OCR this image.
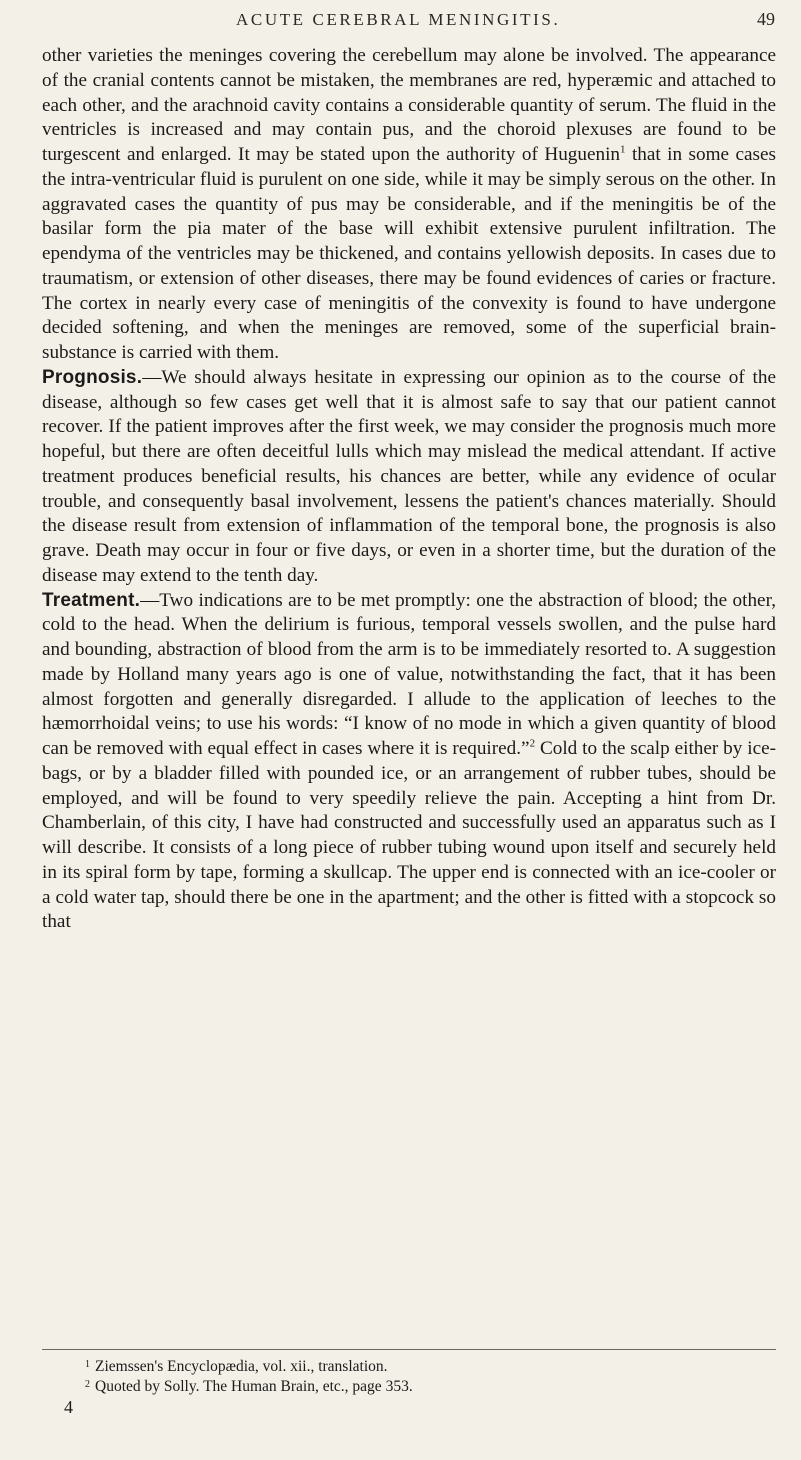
ACUTE CEREBRAL MENINGITIS.	49

other varieties the meninges covering the cerebellum may alone be involved. The appearance of the cranial contents cannot be mistaken, the membranes are red, hyperæmic and attached to each other, and the arachnoid cavity contains a considerable quantity of serum. The fluid in the ventricles is increased and may contain pus, and the choroid plexuses are found to be turgescent and enlarged. It may be stated upon the authority of Huguenin$^1$ that in some cases the intra-ventricular fluid is purulent on one side, while it may be simply serous on the other. In aggravated cases the quantity of pus may be considerable, and if the meningitis be of the basilar form the pia mater of the base will exhibit extensive purulent infiltration. The ependyma of the ventricles may be thickened, and contains yellowish deposits. In cases due to traumatism, or extension of other diseases, there may be found evidences of caries or fracture. The cortex in nearly every case of meningitis of the convexity is found to have undergone decided softening, and when the meninges are removed, some of the superficial brain-substance is carried with them.

Prognosis.—We should always hesitate in expressing our opinion as to the course of the disease, although so few cases get well that it is almost safe to say that our patient cannot recover. If the patient improves after the first week, we may consider the prognosis much more hopeful, but there are often deceitful lulls which may mislead the medical attendant. If active treatment produces beneficial results, his chances are better, while any evidence of ocular trouble, and consequently basal involvement, lessens the patient's chances materially. Should the disease result from extension of inflammation of the temporal bone, the prognosis is also grave. Death may occur in four or five days, or even in a shorter time, but the duration of the disease may extend to the tenth day.

Treatment.—Two indications are to be met promptly: one the abstraction of blood; the other, cold to the head. When the delirium is furious, temporal vessels swollen, and the pulse hard and bounding, abstraction of blood from the arm is to be immediately resorted to. A suggestion made by Holland many years ago is one of value, notwithstanding the fact, that it has been almost forgotten and generally disregarded. I allude to the application of leeches to the hæmorrhoidal veins; to use his words: “I know of no mode in which a given quantity of blood can be removed with equal effect in cases where it is required.”$^2$ Cold to the scalp either by ice-bags, or by a bladder filled with pounded ice, or an arrangement of rubber tubes, should be employed, and will be found to very speedily relieve the pain. Accepting a hint from Dr. Chamberlain, of this city, I have had constructed and successfully used an apparatus such as I will describe. It consists of a long piece of rubber tubing wound upon itself and securely held in its spiral form by tape, forming a skullcap. The upper end is connected with an ice-cooler or a cold water tap, should there be one in the apartment; and the other is fitted with a stopcock so that

1 Ziemssen's Encyclopædia, vol. xii., translation.
2 Quoted by Solly. The Human Brain, etc., page 353.
4
